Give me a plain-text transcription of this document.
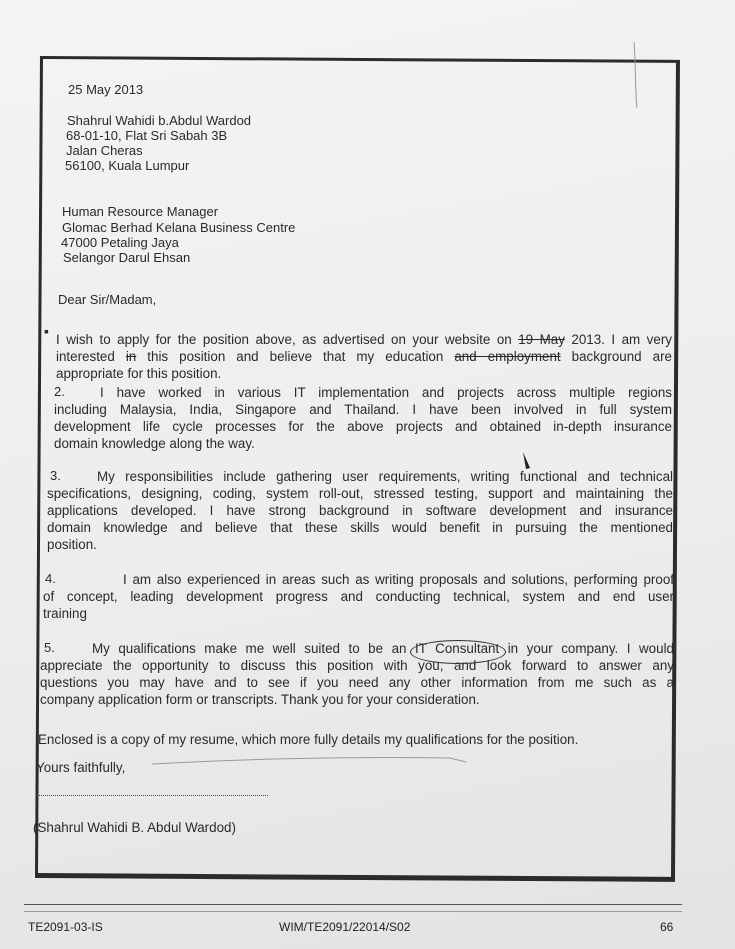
25 May 2013
Shahrul Wahidi b.Abdul Wardod
68-01-10, Flat Sri Sabah 3B
Jalan Cheras
56100, Kuala Lumpur
Human Resource Manager
Glomac Berhad Kelana Business Centre
47000 Petaling Jaya
Selangor Darul Ehsan
Dear Sir/Madam,
I wish to apply for the position above, as advertised on your website on 19 May 2013. I am very
interested in this position and believe that my education and employment background are
appropriate for this position.
▪
2.	I have worked in various IT implementation and projects across multiple regions
including Malaysia, India, Singapore and Thailand. I have been involved in full system
development life cycle processes for the above projects and obtained in-depth insurance
domain knowledge along the way.
3.	My responsibilities include gathering user requirements, writing functional and technical
specifications, designing, coding, system roll-out, stressed testing, support and maintaining the
applications developed. I have strong background in software development and insurance
domain knowledge and believe that these skills would benefit in pursuing the mentioned
position.
4.	I am also experienced in areas such as writing proposals and solutions, performing proof
of concept, leading development progress and conducting technical, system and end user
training
5.	My qualifications make me well suited to be an IT Consultant in your company. I would
appreciate the opportunity to discuss this position with you, and look forward to answer any
questions you may have and to see if you need any other information from me such as a
company application form or transcripts. Thank you for your consideration.
Enclosed is a copy of my resume, which more fully details my qualifications for the position.
Yours faithfully,
(Shahrul Wahidi B. Abdul Wardod)
TE2091-03-IS	WIM/TE2091/22014/S02	66
